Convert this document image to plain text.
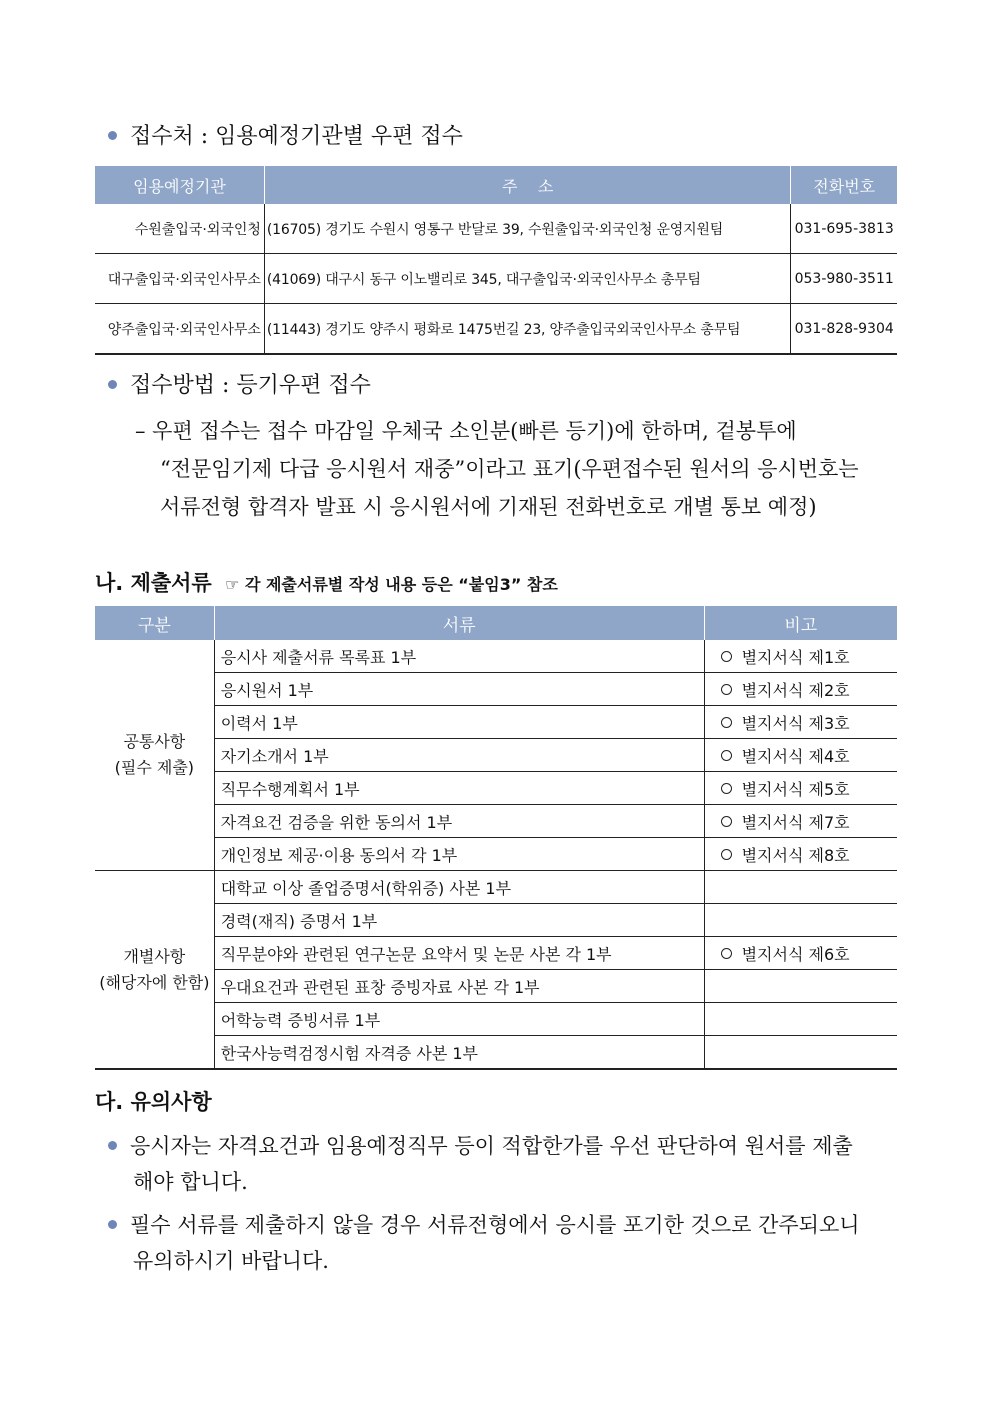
접수처 : 임용예정기관별 우편 접수
임용예정기관	주    소	전화번호
수원출입국·외국인청	(16705) 경기도 수원시 영통구 반달로 39, 수원출입국·외국인청 운영지원팀	031-695-3813
대구출입국·외국인사무소	(41069) 대구시 동구 이노밸리로 345, 대구출입국·외국인사무소 총무팀	053-980-3511
양주출입국·외국인사무소	(11443) 경기도 양주시 평화로 1475번길 23, 양주출입국외국인사무소 총무팀	031-828-9304
접수방법 : 등기우편 접수
– 우편 접수는 접수 마감일 우체국 소인분(빠른 등기)에 한하며, 겉봉투에
“전문임기제 다급 응시원서 재중”이라고 표기(우편접수된 원서의 응시번호는
서류전형 합격자 발표 시 응시원서에 기재된 전화번호로 개별 통보 예정)
나. 제출서류 ☞ 각 제출서류별 작성 내용 등은 “붙임3” 참조
구분	서류	비고

공통사항
(필수 제출)	응시사 제출서류 목록표 1부	별지서식 제1호
	응시원서 1부	별지서식 제2호
	이력서 1부	별지서식 제3호
	자기소개서 1부	별지서식 제4호
	직무수행계획서 1부	별지서식 제5호
	자격요건 검증을 위한 동의서 1부	별지서식 제7호
	개인정보 제공·이용 동의서 각 1부	별지서식 제8호

개별사항
(해당자에 한함)	대학교 이상 졸업증명서(학위증) 사본 1부	
	경력(재직) 증명서 1부	
	직무분야와 관련된 연구논문 요약서 및 논문 사본 각 1부	별지서식 제6호
	우대요건과 관련된 표창 증빙자료 사본 각 1부	
	어학능력 증빙서류 1부	
	한국사능력검정시험 자격증 사본 1부	
다. 유의사항
응시자는 자격요건과 임용예정직무 등이 적합한가를 우선 판단하여 원서를 제출
해야 합니다.
필수 서류를 제출하지 않을 경우 서류전형에서 응시를 포기한 것으로 간주되오니
유의하시기 바랍니다.
